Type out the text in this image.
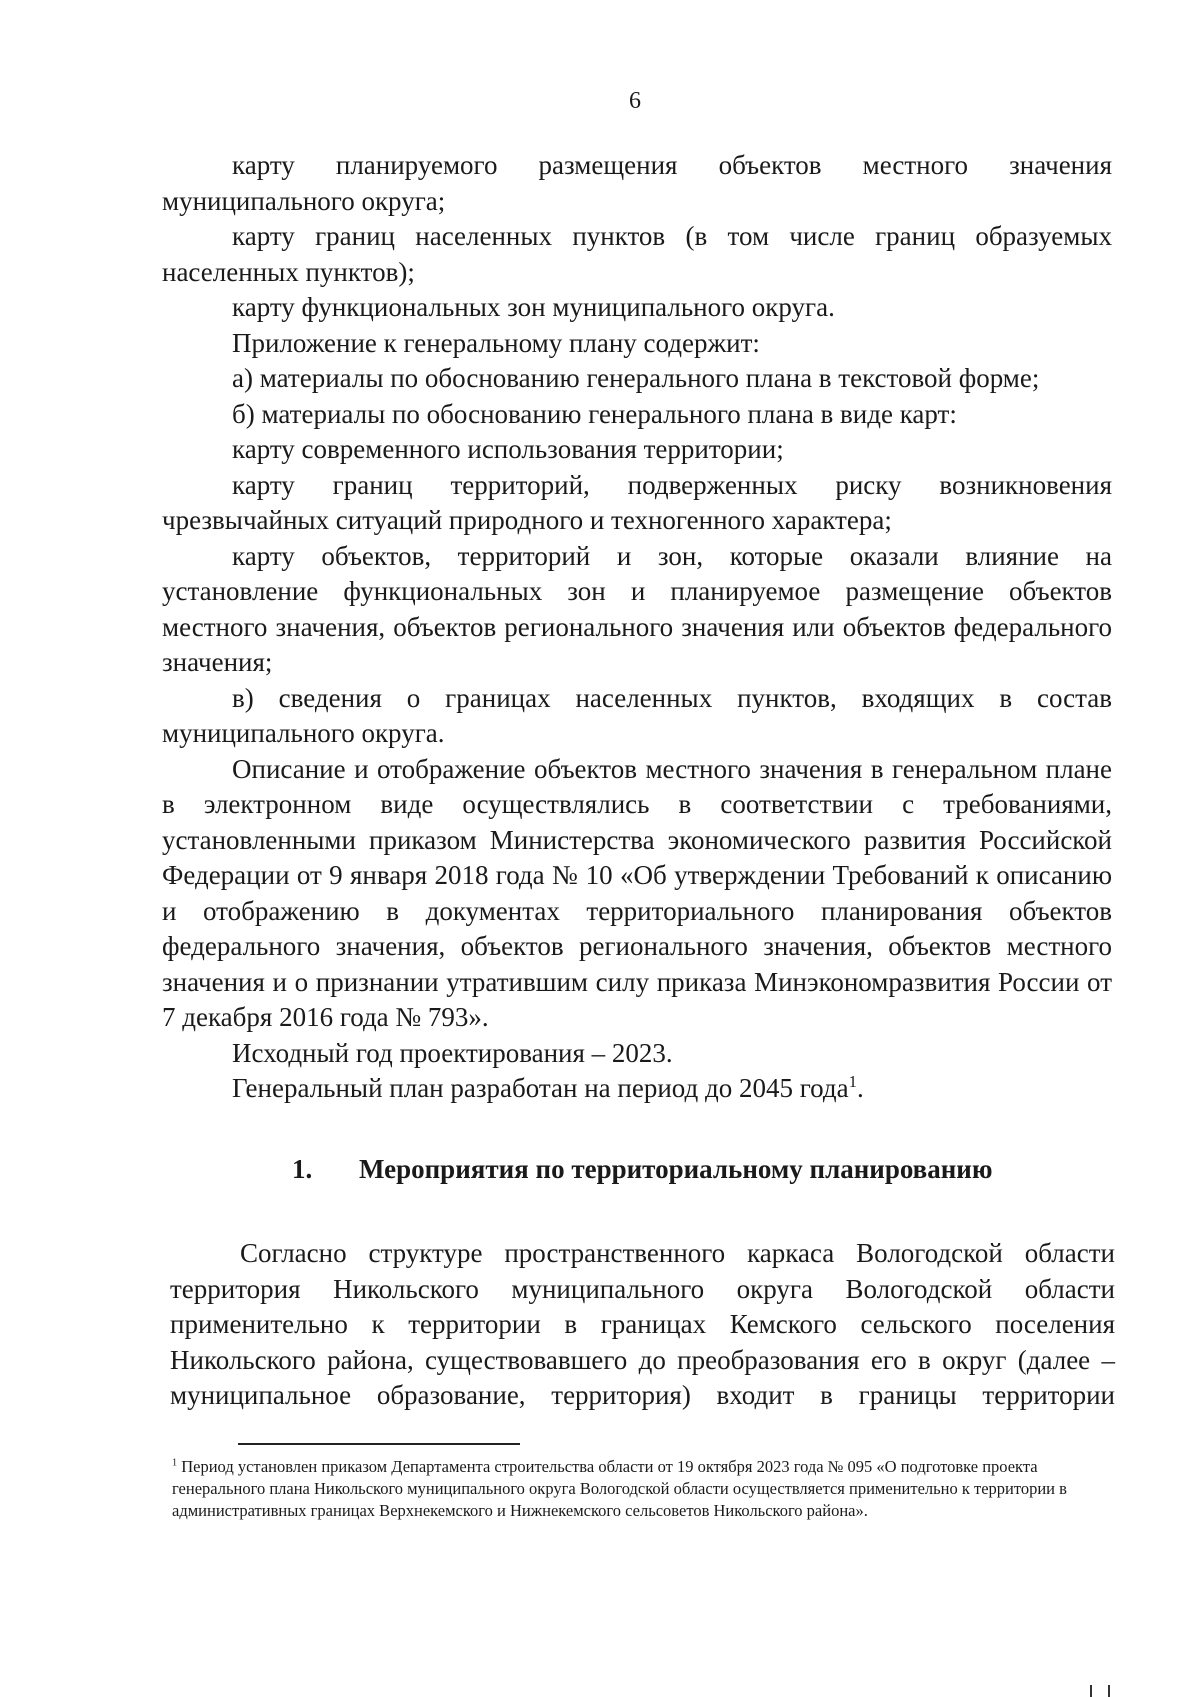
6

карту планируемого размещения объектов местного значения муниципального округа;

карту границ населенных пунктов (в том числе границ образуемых населенных пунктов);

карту функциональных зон муниципального округа.

Приложение к генеральному плану содержит:

а) материалы по обоснованию генерального плана в текстовой форме;

б) материалы по обоснованию генерального плана в виде карт:

карту современного использования территории;

карту границ территорий, подверженных риску возникновения чрезвычайных ситуаций природного и техногенного характера;

карту объектов, территорий и зон, которые оказали влияние на установление функциональных зон и планируемое размещение объектов местного значения, объектов регионального значения или объектов федерального значения;

в) сведения о границах населенных пунктов, входящих в состав муниципального округа.

Описание и отображение объектов местного значения в генеральном плане в электронном виде осуществлялись в соответствии с требованиями, установленными приказом Министерства экономического развития Российской Федерации от 9 января 2018 года № 10 «Об утверждении Требований к описанию и отображению в документах территориального планирования объектов федерального значения, объектов регионального значения, объектов местного значения и о признании утратившим силу приказа Минэкономразвития России от 7 декабря 2016 года № 793».

Исходный год проектирования – 2023.

Генеральный план разработан на период до 2045 года$^1$.

1. Мероприятия по территориальному планированию

Согласно структуре пространственного каркаса Вологодской области территория Никольского муниципального округа Вологодской области применительно к территории в границах Кемского сельского поселения Никольского района, существовавшего до преобразования его в округ (далее – муниципальное образование, территория) входит в границы территории

$^1$ Период установлен приказом Департамента строительства области от 19 октября 2023 года № 095 «О подготовке проекта генерального плана Никольского муниципального округа Вологодской области осуществляется применительно к территории в административных границах Верхнекемского и Нижнекемского сельсоветов Никольского района».
